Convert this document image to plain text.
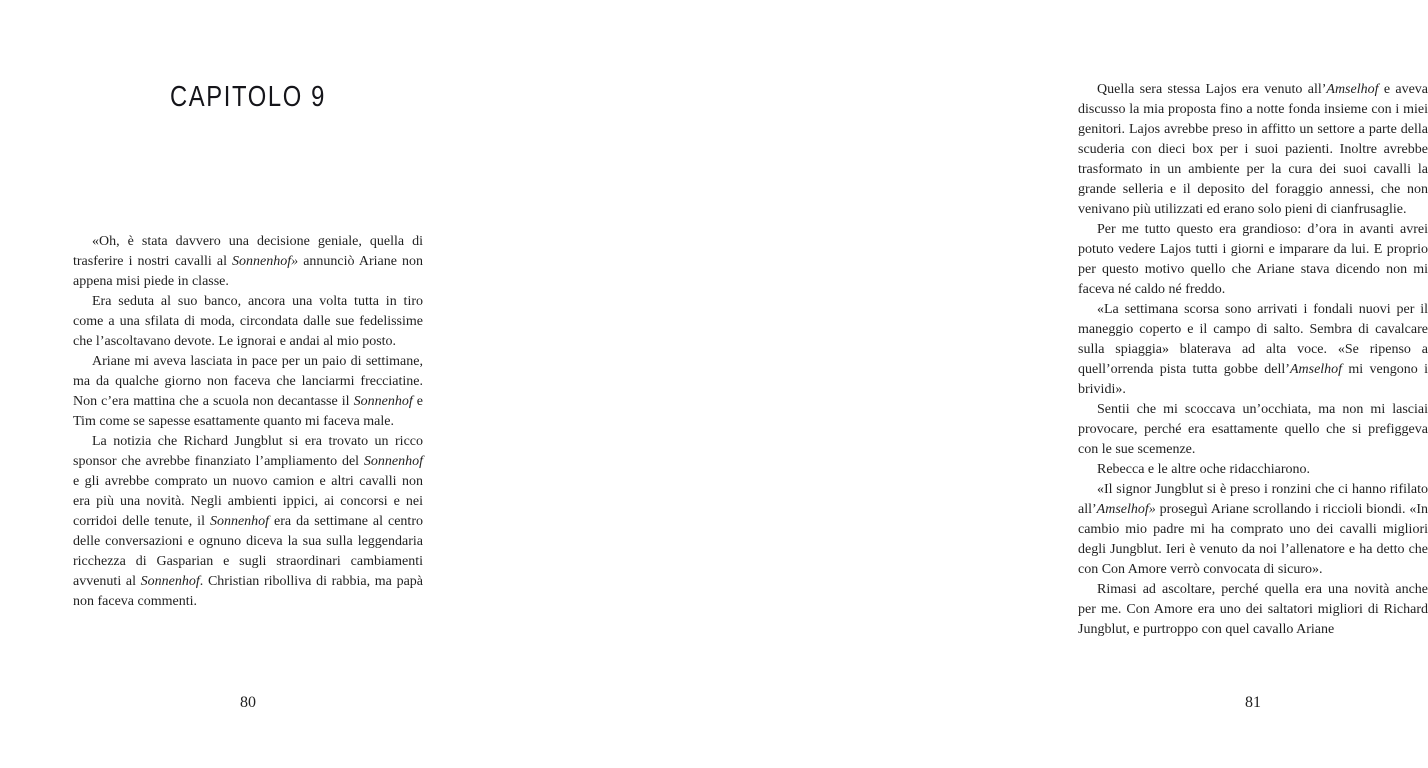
CAPITOLO 9

«Oh, è stata davvero una decisione geniale, quella di trasferire i nostri cavalli al Sonnenhof» annunciò Ariane non appena misi piede in classe.

Era seduta al suo banco, ancora una volta tutta in tiro come a una sfilata di moda, circondata dalle sue fedelissime che l’ascoltavano devote. Le ignorai e andai al mio posto.

Ariane mi aveva lasciata in pace per un paio di settimane, ma da qualche giorno non faceva che lanciarmi frecciatine. Non c’era mattina che a scuola non decantasse il Sonnenhof e Tim come se sapesse esattamente quanto mi faceva male.

La notizia che Richard Jungblut si era trovato un ricco sponsor che avrebbe finanziato l’ampliamento del Sonnenhof e gli avrebbe comprato un nuovo camion e altri cavalli non era più una novità. Negli ambienti ippici, ai concorsi e nei corridoi delle tenute, il Sonnenhof era da settimane al centro delle conversazioni e ognuno diceva la sua sulla leggendaria ricchezza di Gasparian e sugli straordinari cambiamenti avvenuti al Sonnenhof. Christian ribolliva di rabbia, ma papà non faceva commenti.

80

Quella sera stessa Lajos era venuto all’Amselhof e aveva discusso la mia proposta fino a notte fonda insieme con i miei genitori. Lajos avrebbe preso in affitto un settore a parte della scuderia con dieci box per i suoi pazienti. Inoltre avrebbe trasformato in un ambiente per la cura dei suoi cavalli la grande selleria e il deposito del foraggio annessi, che non venivano più utilizzati ed erano solo pieni di cianfrusaglie.

Per me tutto questo era grandioso: d’ora in avanti avrei potuto vedere Lajos tutti i giorni e imparare da lui. E proprio per questo motivo quello che Ariane stava dicendo non mi faceva né caldo né freddo.

«La settimana scorsa sono arrivati i fondali nuovi per il maneggio coperto e il campo di salto. Sembra di cavalcare sulla spiaggia» blaterava ad alta voce. «Se ripenso a quell’orrenda pista tutta gobbe dell’Amselhof mi vengono i brividi».

Sentii che mi scoccava un’occhiata, ma non mi lasciai provocare, perché era esattamente quello che si prefiggeva con le sue scemenze.

Rebecca e le altre oche ridacchiarono.

«Il signor Jungblut si è preso i ronzini che ci hanno rifilato all’Amselhof» proseguì Ariane scrollando i riccioli biondi. «In cambio mio padre mi ha comprato uno dei cavalli migliori degli Jungblut. Ieri è venuto da noi l’allenatore e ha detto che con Con Amore verrò convocata di sicuro».

Rimasi ad ascoltare, perché quella era una novità anche per me. Con Amore era uno dei saltatori migliori di Richard Jungblut, e purtroppo con quel cavallo Ariane

81
